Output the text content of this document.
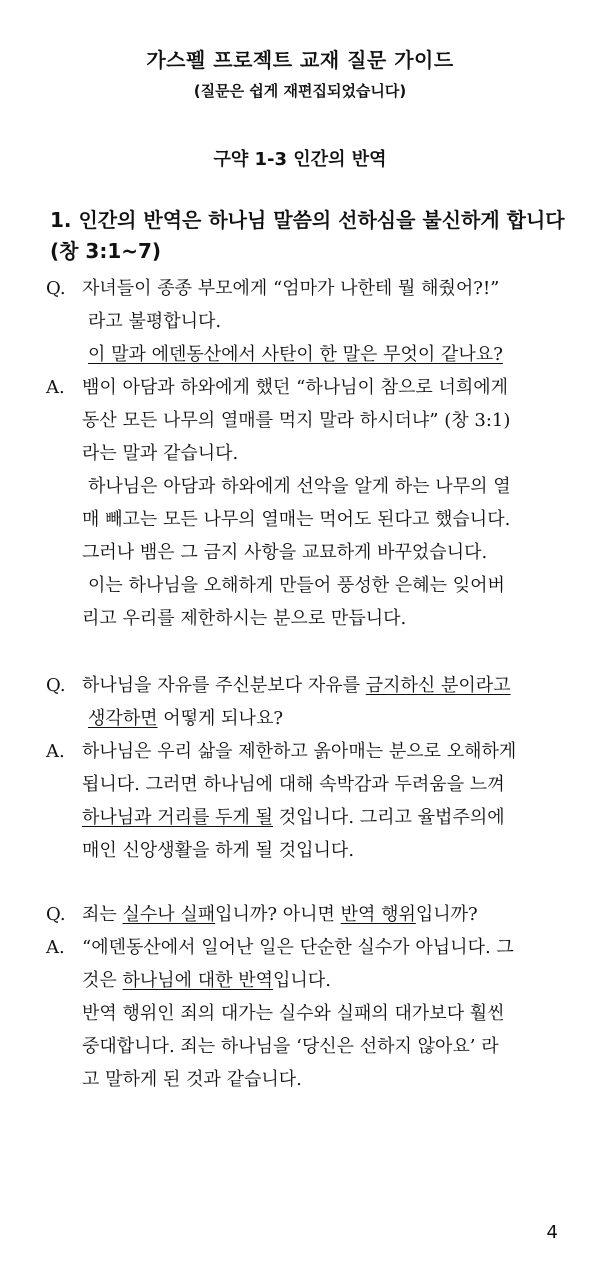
가스펠 프로젝트 교재 질문 가이드
(질문은 쉽게 재편집되었습니다)
구약 1-3 인간의 반역
1. 인간의 반역은 하나님 말씀의 선하심을 불신하게 합니다 (창 3:1~7)
Q. 자녀들이 종종 부모에게 “엄마가 나한테 뭘 해줬어?!”
라고 불평합니다.
이 말과 에덴동산에서 사탄이 한 말은 무엇이 같나요?
A. 뱀이 아담과 하와에게 했던 “하나님이 참으로 너희에게
동산 모든 나무의 열매를 먹지 말라 하시더냐” (창 3:1)
라는 말과 같습니다.
하나님은 아담과 하와에게 선악을 알게 하는 나무의 열
매 빼고는 모든 나무의 열매는 먹어도 된다고 했습니다.
그러나 뱀은 그 금지 사항을 교묘하게 바꾸었습니다.
이는 하나님을 오해하게 만들어 풍성한 은혜는 잊어버
리고 우리를 제한하시는 분으로 만듭니다.
Q. 하나님을 자유를 주신분보다 자유를 금지하신 분이라고
생각하면 어떻게 되나요?
A. 하나님은 우리 삶을 제한하고 옭아매는 분으로 오해하게
됩니다. 그러면 하나님에 대해 속박감과 두려움을 느껴
하나님과 거리를 두게 될 것입니다. 그리고 율법주의에
매인 신앙생활을 하게 될 것입니다.
Q. 죄는 실수나 실패입니까? 아니면 반역 행위입니까?
A. “에덴동산에서 일어난 일은 단순한 실수가 아닙니다. 그
것은 하나님에 대한 반역입니다.
반역 행위인 죄의 대가는 실수와 실패의 대가보다 훨씬
중대합니다. 죄는 하나님을 ‘당신은 선하지 않아요’ 라
고 말하게 된 것과 같습니다.
4
